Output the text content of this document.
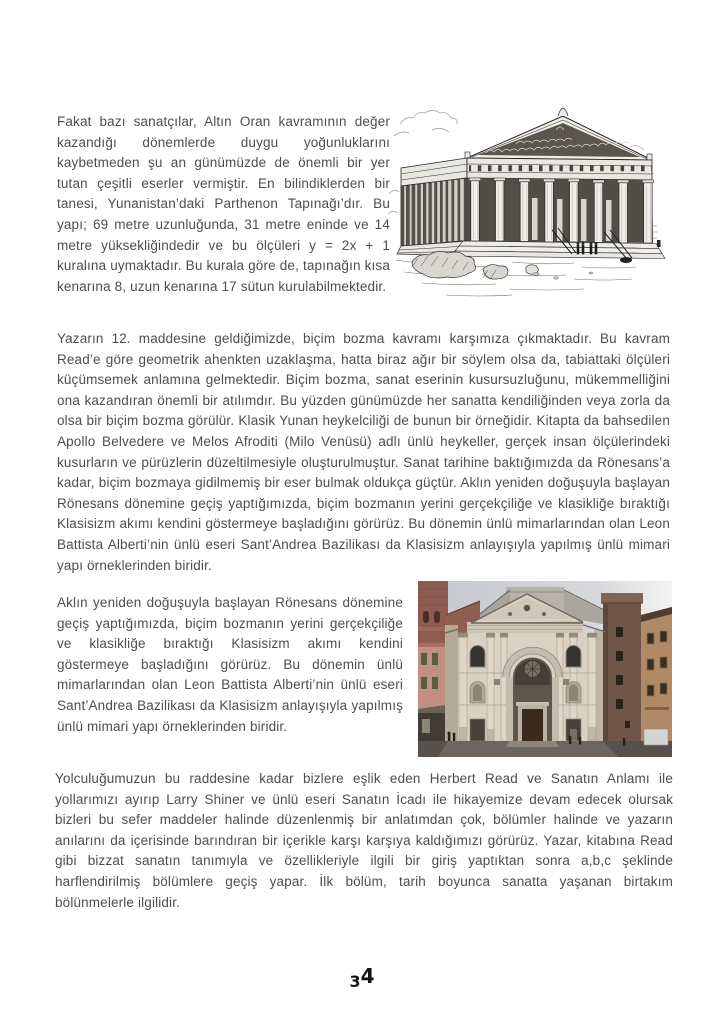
Fakat bazı sanatçılar, Altın Oran kavramının değer kazandığı dönemlerde duygu yoğunluklarını kaybetmeden şu an günümüzde de önemli bir yer tutan çeşitli eserler vermiştir. En bilindiklerden bir tanesi, Yunanistan’daki Parthenon Tapınağı’dır. Bu yapı; 69 metre uzunluğunda, 31 metre eninde ve 14 metre yüksekliğindedir ve bu ölçüleri y = 2x + 1 kuralına uymaktadır. Bu kurala göre de, tapınağın kısa kenarına 8, uzun kenarına 17 sütun kurulabilmektedir.

Yazarın 12. maddesine geldiğimizde, biçim bozma kavramı karşımıza çıkmaktadır. Bu kavram Read’e göre geometrik ahenkten uzaklaşma, hatta biraz ağır bir söylem olsa da, tabiattaki ölçüleri küçümsemek anlamına gelmektedir. Biçim bozma, sanat eserinin kusursuzluğunu, mükemmelliğini ona kazandıran önemli bir atılımdır. Bu yüzden günümüzde her sanatta kendiliğinden veya zorla da olsa bir biçim bozma görülür. Klasik Yunan heykelciliği de bunun bir örneğidir. Kitapta da bahsedilen Apollo Belvedere ve Melos Afroditi (Milo Venüsü) adlı ünlü heykeller, gerçek insan ölçülerindeki kusurların ve pürüzlerin düzeltilmesiyle oluşturulmuştur. Sanat tarihine baktığımızda da Rönesans’a kadar, biçim bozmaya gidilmemiş bir eser bulmak oldukça güçtür. Aklın yeniden doğuşuyla başlayan Rönesans dönemine geçiş yaptığımızda, biçim bozmanın yerini gerçekçiliğe ve klasikliğe bıraktığı Klasisizm akımı kendini göstermeye başladığını görürüz. Bu dönemin ünlü mimarlarından olan Leon Battista Alberti’nin ünlü eseri Sant’Andrea Bazilikası da Klasisizm anlayışıyla yapılmış ünlü mimari yapı örneklerinden biridir.

Aklın yeniden doğuşuyla başlayan Rönesans dönemine geçiş yaptığımızda, biçim bozmanın yerini gerçekçiliğe ve klasikliğe bıraktığı Klasisizm akımı kendini göstermeye başladığını görürüz. Bu dönemin ünlü mimarlarından olan Leon Battista Alberti’nin ünlü eseri Sant’Andrea Bazilikası da Klasisizm anlayışıyla yapılmış ünlü mimari yapı örneklerinden biridir.

Yolculuğumuzun bu raddesine kadar bizlere eşlik eden Herbert Read ve Sanatın Anlamı ile yollarımızı ayırıp Larry Shiner ve ünlü eseri Sanatın İcadı ile hikayemize devam edecek olursak bizleri bu sefer maddeler halinde düzenlenmiş bir anlatımdan çok, bölümler halinde ve yazarın anılarını da içerisinde barındıran bir içerikle karşı karşıya kaldığımızı görürüz. Yazar, kitabına Read gibi bizzat sanatın tanımıyla ve özellikleriyle ilgili bir giriş yaptıktan sonra a,b,c şeklinde harflendirilmiş bölümlere geçiş yapar. İlk bölüm, tarih boyunca sanatta yaşanan birtakım bölünmelerle ilgilidir.

34
